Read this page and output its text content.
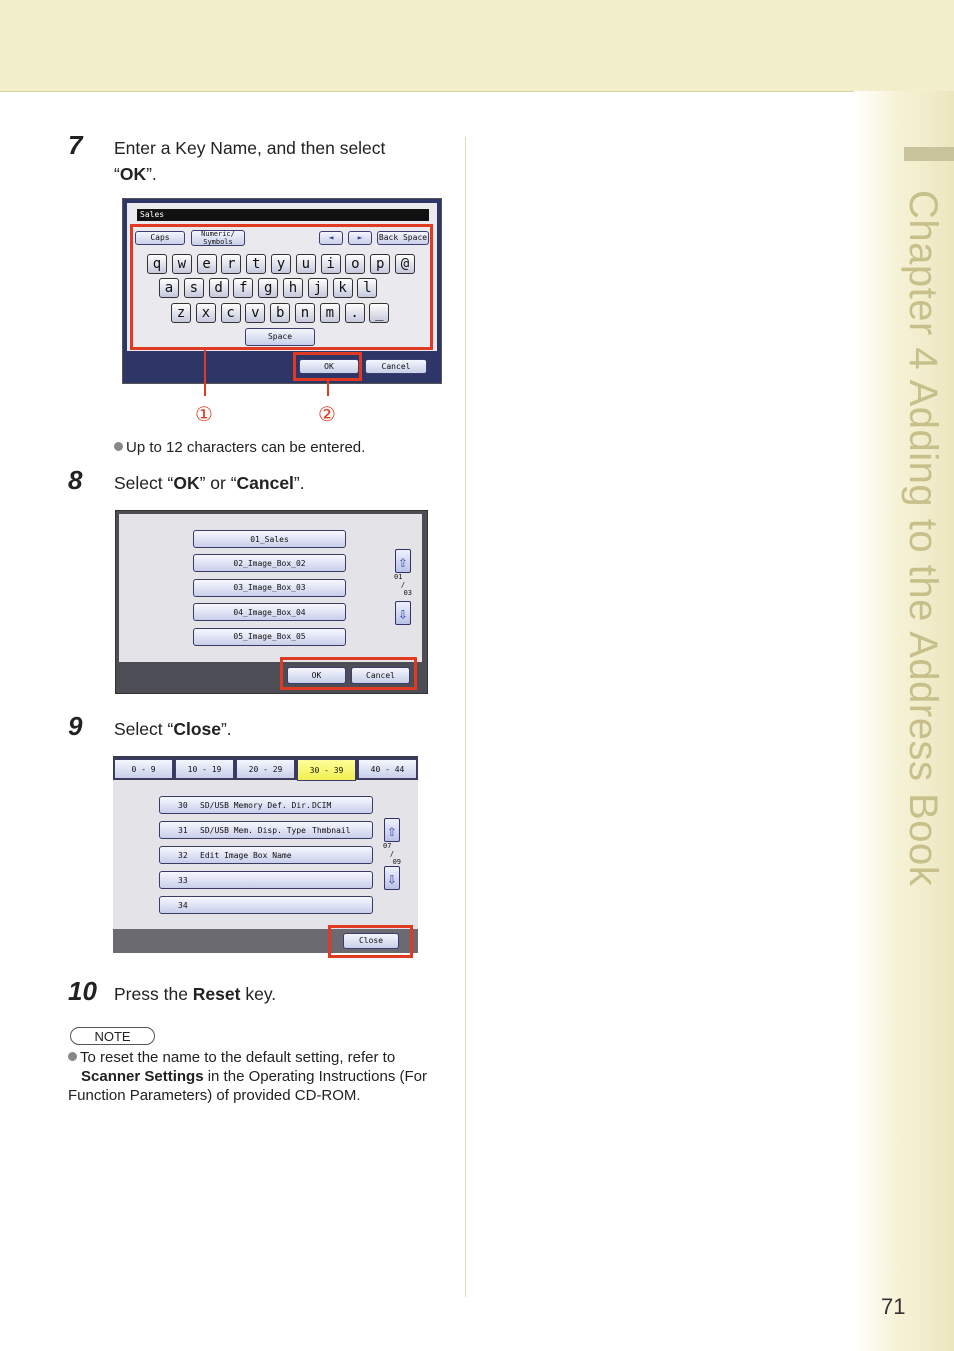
Chapter 4 Adding to the Address Book
7 Enter a Key Name, and then select
“OK”.
Sales
Caps	Numeric/ Symbols	◄	►	Back Space
q	w	e	r	t	y	u	i	o	p	@
a	s	d	f	g	h	j	k	l
z	x	c	v	b	n	m	.	_
Space
OK	Cancel
①	②
Up to 12 characters can be entered.
8 Select “OK” or “Cancel”.
01_Sales
02_Image_Box_02
03_Image_Box_03
04_Image_Box_04
05_Image_Box_05
⇧
01
/
03
⇩
OK	Cancel
9 Select “Close”.
0 - 9	10 - 19	20 - 29	30 - 39	40 - 44
30 SD/USB Memory Def. Dir. DCIM
31 SD/USB Mem. Disp. Type Thmbnail
32 Edit Image Box Name
33
34
⇧
07
/
09
⇩
Close
10 Press the Reset key.
NOTE
To reset the name to the default setting, refer to
Scanner Settings in the Operating Instructions (For Function Parameters) of provided CD-ROM.
71
